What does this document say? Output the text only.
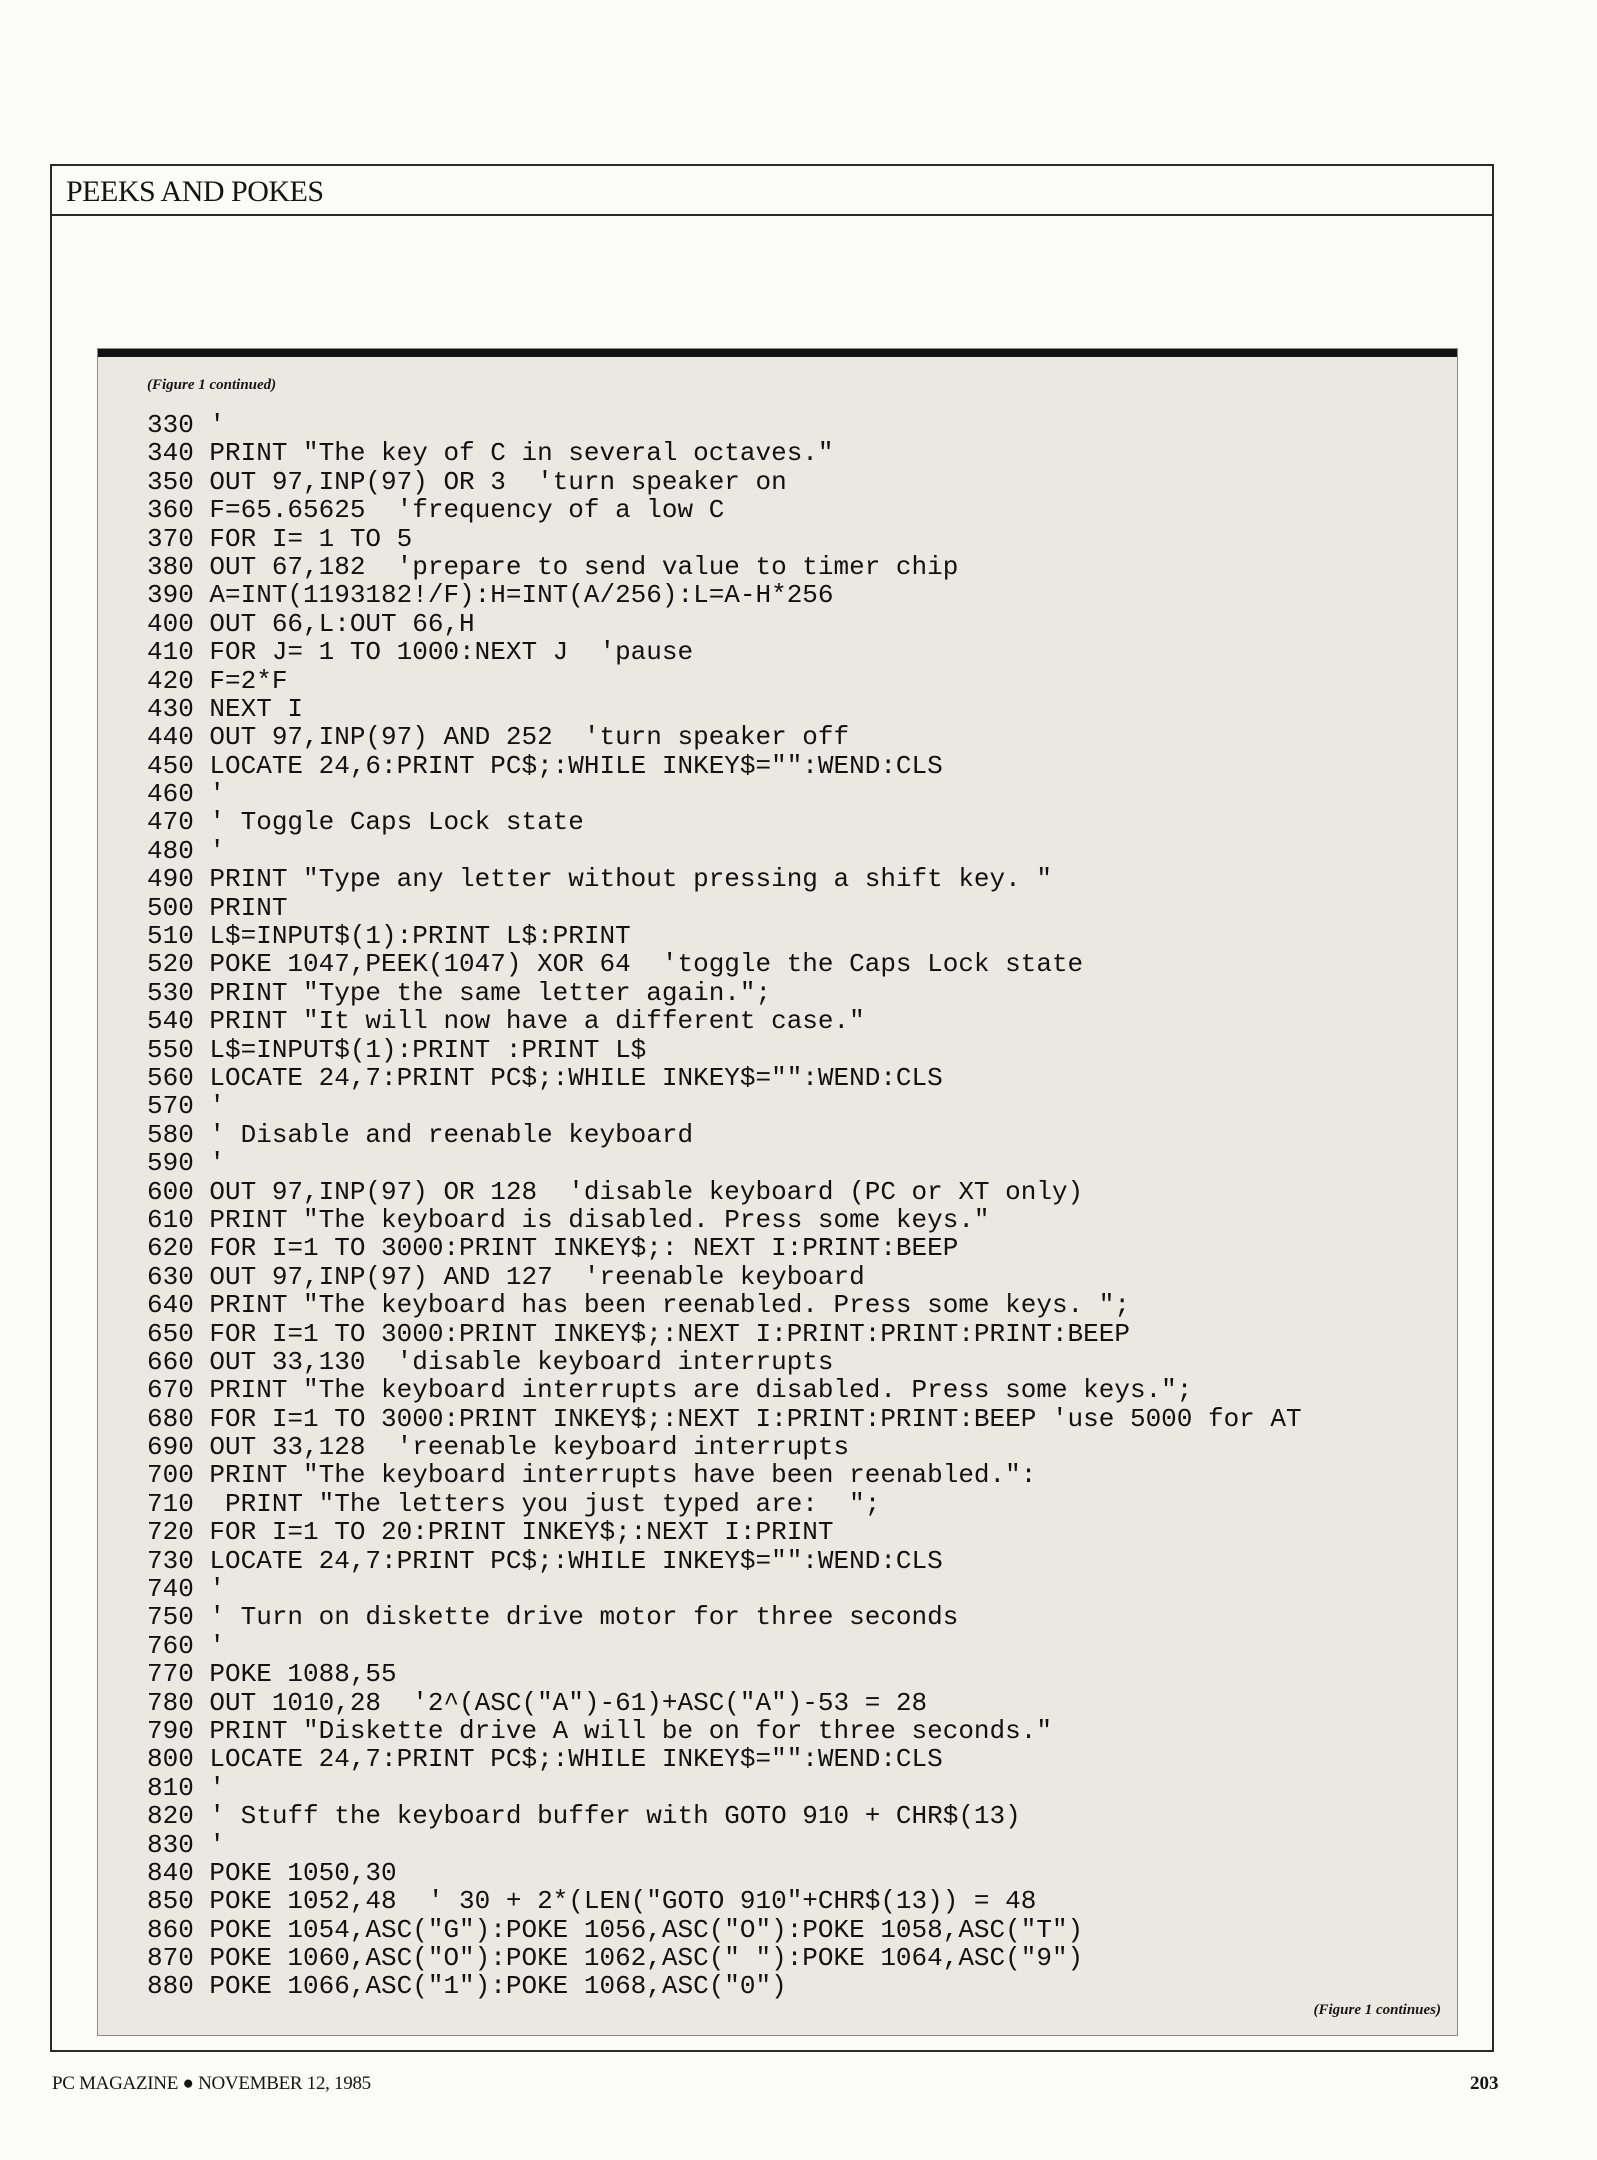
PEEKS AND POKES
(Figure 1 continued)
330 '
340 PRINT "The key of C in several octaves."
350 OUT 97,INP(97) OR 3  'turn speaker on
360 F=65.65625  'frequency of a low C
370 FOR I= 1 TO 5
380 OUT 67,182  'prepare to send value to timer chip
390 A=INT(1193182!/F):H=INT(A/256):L=A-H*256
400 OUT 66,L:OUT 66,H
410 FOR J= 1 TO 1000:NEXT J  'pause
420 F=2*F
430 NEXT I
440 OUT 97,INP(97) AND 252  'turn speaker off
450 LOCATE 24,6:PRINT PC$;:WHILE INKEY$="":WEND:CLS
460 '
470 ' Toggle Caps Lock state
480 '
490 PRINT "Type any letter without pressing a shift key. "
500 PRINT
510 L$=INPUT$(1):PRINT L$:PRINT
520 POKE 1047,PEEK(1047) XOR 64  'toggle the Caps Lock state
530 PRINT "Type the same letter again.";
540 PRINT "It will now have a different case."
550 L$=INPUT$(1):PRINT :PRINT L$
560 LOCATE 24,7:PRINT PC$;:WHILE INKEY$="":WEND:CLS
570 '
580 ' Disable and reenable keyboard
590 '
600 OUT 97,INP(97) OR 128  'disable keyboard (PC or XT only)
610 PRINT "The keyboard is disabled. Press some keys."
620 FOR I=1 TO 3000:PRINT INKEY$;: NEXT I:PRINT:BEEP
630 OUT 97,INP(97) AND 127  'reenable keyboard
640 PRINT "The keyboard has been reenabled. Press some keys. ";
650 FOR I=1 TO 3000:PRINT INKEY$;:NEXT I:PRINT:PRINT:PRINT:BEEP
660 OUT 33,130  'disable keyboard interrupts
670 PRINT "The keyboard interrupts are disabled. Press some keys.";
680 FOR I=1 TO 3000:PRINT INKEY$;:NEXT I:PRINT:PRINT:BEEP 'use 5000 for AT
690 OUT 33,128  'reenable keyboard interrupts
700 PRINT "The keyboard interrupts have been reenabled.":
710  PRINT "The letters you just typed are:  ";
720 FOR I=1 TO 20:PRINT INKEY$;:NEXT I:PRINT
730 LOCATE 24,7:PRINT PC$;:WHILE INKEY$="":WEND:CLS
740 '
750 ' Turn on diskette drive motor for three seconds
760 '
770 POKE 1088,55
780 OUT 1010,28  '2^(ASC("A")-61)+ASC("A")-53 = 28
790 PRINT "Diskette drive A will be on for three seconds."
800 LOCATE 24,7:PRINT PC$;:WHILE INKEY$="":WEND:CLS
810 '
820 ' Stuff the keyboard buffer with GOTO 910 + CHR$(13)
830 '
840 POKE 1050,30
850 POKE 1052,48  ' 30 + 2*(LEN("GOTO 910"+CHR$(13)) = 48
860 POKE 1054,ASC("G"):POKE 1056,ASC("O"):POKE 1058,ASC("T")
870 POKE 1060,ASC("O"):POKE 1062,ASC(" "):POKE 1064,ASC("9")
880 POKE 1066,ASC("1"):POKE 1068,ASC("0")
(Figure 1 continues)
PC MAGAZINE ● NOVEMBER 12, 1985	203
